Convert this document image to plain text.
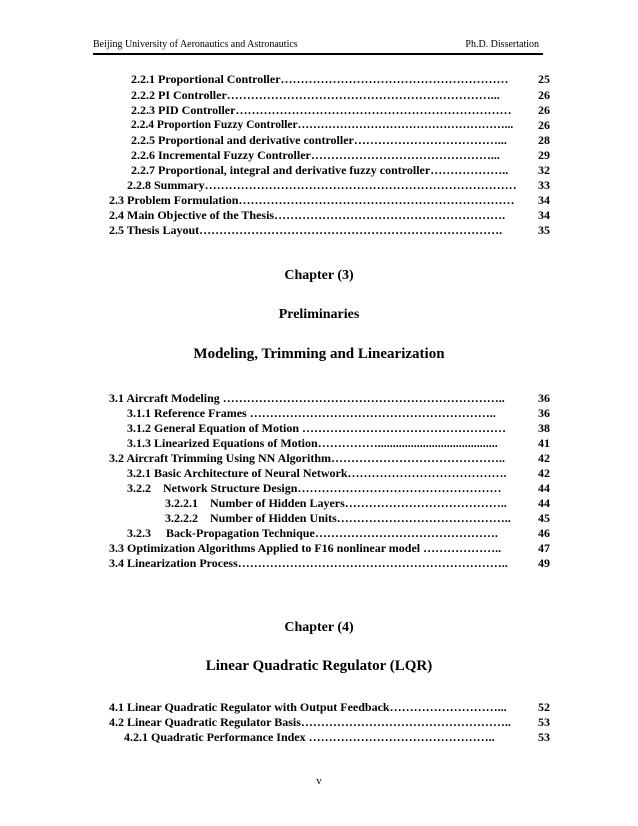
Beijing University of Aeronautics and Astronautics	Ph.D. Dissertation
2.2.1 Proportional Controller…………………………………………………	25
2.2.2 PI Controller…………………………………………………………...	26
2.2.3 PID Controller……………………………………………………………	26
2.2.4 Proportion Fuzzy Controller………………………………………………...	26
2.2.5 Proportional and derivative controller………………………………...	28
2.2.6 Incremental Fuzzy Controller………………………………………...	29
2.2.7 Proportional, integral and derivative fuzzy controller………………..	32
2.2.8 Summary……………………………………………………………………	33
2.3 Problem Formulation……………………………………………………………	34
2.4 Main Objective of the Thesis………………………………………………….	34
2.5 Thesis Layout………………………………………………………………….	35
Chapter (3)
Preliminaries
Modeling, Trimming and Linearization
3.1 Aircraft Modeling ……………………………………………………………..	36
3.1.1 Reference Frames ……………………………………………………..	36
3.1.2 General Equation of Motion ……………………………………………	38
3.1.3 Linearized Equations of Motion……………........................................	41
3.2 Aircraft Trimming Using NN Algorithm……………………………………..	42
3.2.1 Basic Architecture of Neural Network………………………………….	42
3.2.2    Network Structure Design……………………………………………	44
3.2.2.1    Number of Hidden Layers…………………………………..	44
3.2.2.2    Number of Hidden Units……………………………………..	45
3.2.3     Back-Propagation Technique……………………………………….	46
3.3 Optimization Algorithms Applied to F16 nonlinear model ………………..	47
3.4 Linearization Process…………………………………………………………..	49
Chapter (4)
Linear Quadratic Regulator (LQR)
4.1 Linear Quadratic Regulator with Output Feedback………………………...	52
4.2 Linear Quadratic Regulator Basis……………………………………………..	53
4.2.1 Quadratic Performance Index ………………………………………..	53
v
